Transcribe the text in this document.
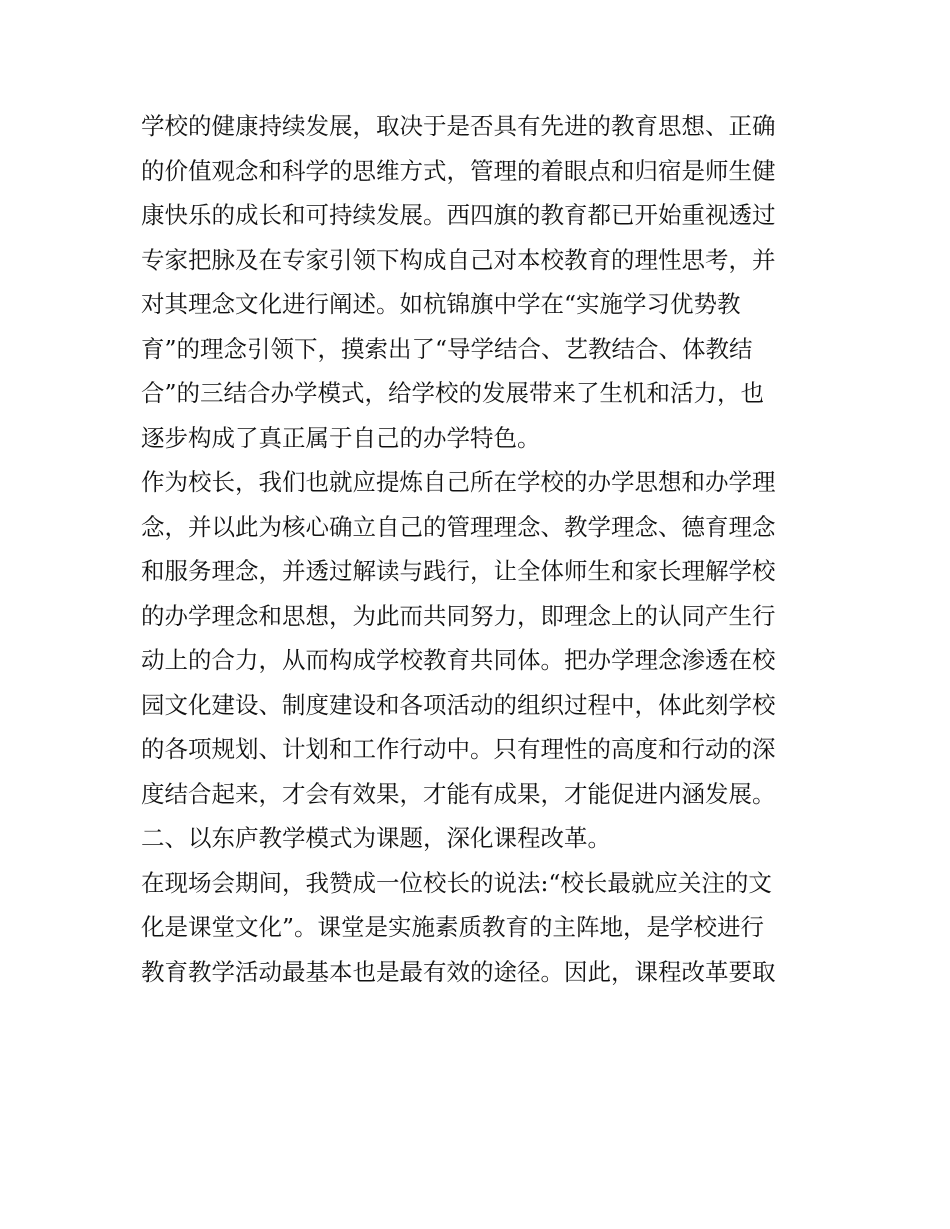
学校的健康持续发展，取决于是否具有先进的教育思想、正确
的价值观念和科学的思维方式，管理的着眼点和归宿是师生健
康快乐的成长和可持续发展。西四旗的教育都已开始重视透过
专家把脉及在专家引领下构成自己对本校教育的理性思考，并
对其理念文化进行阐述。如杭锦旗中学在“实施学习优势教
育”的理念引领下，摸索出了“导学结合、艺教结合、体教结
合”的三结合办学模式，给学校的发展带来了生机和活力，也
逐步构成了真正属于自己的办学特色。
作为校长，我们也就应提炼自己所在学校的办学思想和办学理
念，并以此为核心确立自己的管理理念、教学理念、德育理念
和服务理念，并透过解读与践行，让全体师生和家长理解学校
的办学理念和思想，为此而共同努力，即理念上的认同产生行
动上的合力，从而构成学校教育共同体。把办学理念渗透在校
园文化建设、制度建设和各项活动的组织过程中，体此刻学校
的各项规划、计划和工作行动中。只有理性的高度和行动的深
度结合起来，才会有效果，才能有成果，才能促进内涵发展。
二、以东庐教学模式为课题，深化课程改革。
在现场会期间，我赞成一位校长的说法:“校长最就应关注的文
化是课堂文化”。课堂是实施素质教育的主阵地，是学校进行
教育教学活动最基本也是最有效的途径。因此，课程改革要取
